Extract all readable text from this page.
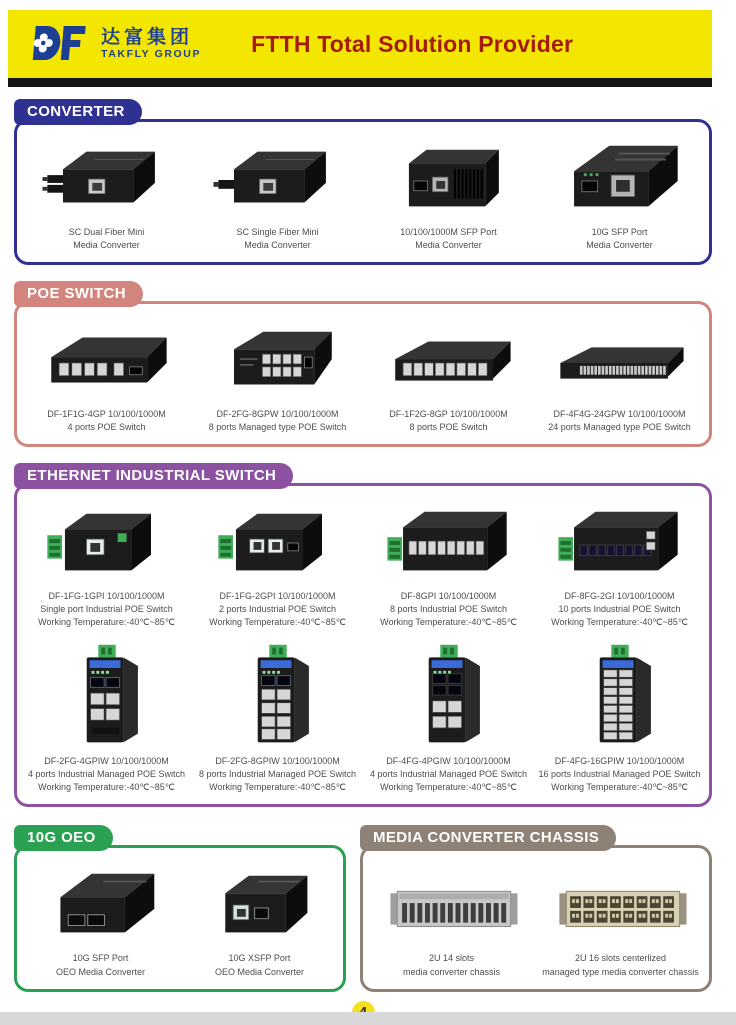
达富集团
TAKFLY GROUP FTTH Total Solution Provider
CONVERTER
SC Dual Fiber Mini
Media Converter
SC Single Fiber Mini
Media Converter
10/100/1000M SFP Port
Media Converter
10G SFP Port
Media Converter
POE SWITCH
DF-1F1G-4GP 10/100/1000M
4 ports POE Switch
DF-2FG-8GPW 10/100/1000M
8 ports Managed type POE Switch
DF-1F2G-8GP 10/100/1000M
8 ports POE Switch
DF-4F4G-24GPW 10/100/1000M
24 ports Managed type POE Switch
ETHERNET INDUSTRIAL SWITCH
DF-1FG-1GPI 10/100/1000M
Single port Industrial POE Switch
Working Temperature:-40℃~85℃
DF-1FG-2GPI 10/100/1000M
2 ports Industrial POE Switch
Working Temperature:-40℃~85℃
DF-8GPI 10/100/1000M
8 ports Industrial POE Switch
Working Temperature:-40℃~85℃
DF-8FG-2GI 10/100/1000M
10 ports Industrial POE Switch
Working Temperature:-40℃~85℃
DF-2FG-4GPIW 10/100/1000M
4 ports Industrial Managed POE Switch
Working Temperature:-40℃~85℃
DF-2FG-8GPIW 10/100/1000M
8 ports Industrial Managed POE Switch
Working Temperature:-40℃~85℃
DF-4FG-4PGIW 10/100/1000M
4 ports Industrial Managed POE Switch
Working Temperature:-40℃~85℃
DF-4FG-16GPIW 10/100/1000M
16 ports Industrial Managed POE Switch
Working Temperature:-40℃~85℃
10G OEO
10G SFP Port
OEO Media Converter
10G XSFP Port
OEO Media Converter
MEDIA CONVERTER CHASSIS
2U 14 slots
media converter chassis
2U 16 slots centerlized
managed type media converter chassis
